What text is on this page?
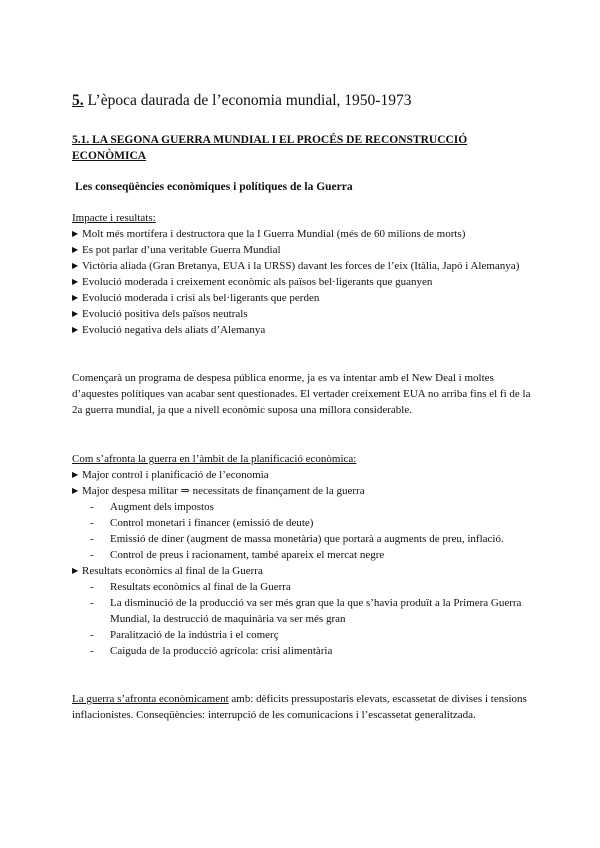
5. L’època daurada de l’economia mundial, 1950-1973
5.1. LA SEGONA GUERRA MUNDIAL I EL PROCÉS DE RECONSTRUCCIÓ ECONÒMICA
Les conseqüències econòmiques i polítiques de la Guerra

Impacte i resultats:

▶ Molt més mortífera i destructora que la I Guerra Mundial (més de 60 milions de morts)
▶ Es pot parlar d’una veritable Guerra Mundial
▶ Victòria aliada (Gran Bretanya, EUA i la URSS) davant les forces de l’eix (Itàlia, Japó i Alemanya)
▶ Evolució moderada i creixement econòmic als països bel·ligerants que guanyen
▶ Evolució moderada i crisi als bel·ligerants que perden
▶ Evolució positiva dels països neutrals
▶ Evolució negativa dels aliats d’Alemanya

Començarà un programa de despesa pública enorme, ja es va intentar amb el New Deal i moltes d’aquestes polítiques van acabar sent questionades. El vertader creixement EUA no arriba fins el fi de la 2a guerra mundial, ja que a nivell econòmic suposa una millora considerable.

Com s’afronta la guerra en l’àmbit de la planificació econòmica:

▶ Major control i planificació de l’economia
▶ Major despesa militar ⇒ necessitats de finançament de la guerra
-	Augment dels impostos
-	Control monetari i financer (emissió de deute)
-	Emissió de diner (augment de massa monetària) que portarà a augments de preu, inflació.
-	Control de preus i racionament, també apareix el mercat negre
▶ Resultats econòmics al final de la Guerra
-	Resultats econòmics al final de la Guerra
-	La disminució de la producció va ser més gran que la que s’havia produït a la Primera Guerra Mundial, la destrucció de maquinària va ser més gran
-	Paralització de la indústria i el comerç
-	Caiguda de la producció agrícola: crisi alimentària

La guerra s’afronta econòmicament amb: dèficits pressupostaris elevats, escassetat de divises i tensions inflacionistes. Conseqüències: interrupció de les comunicacions i l’escassetat generalitzada.
